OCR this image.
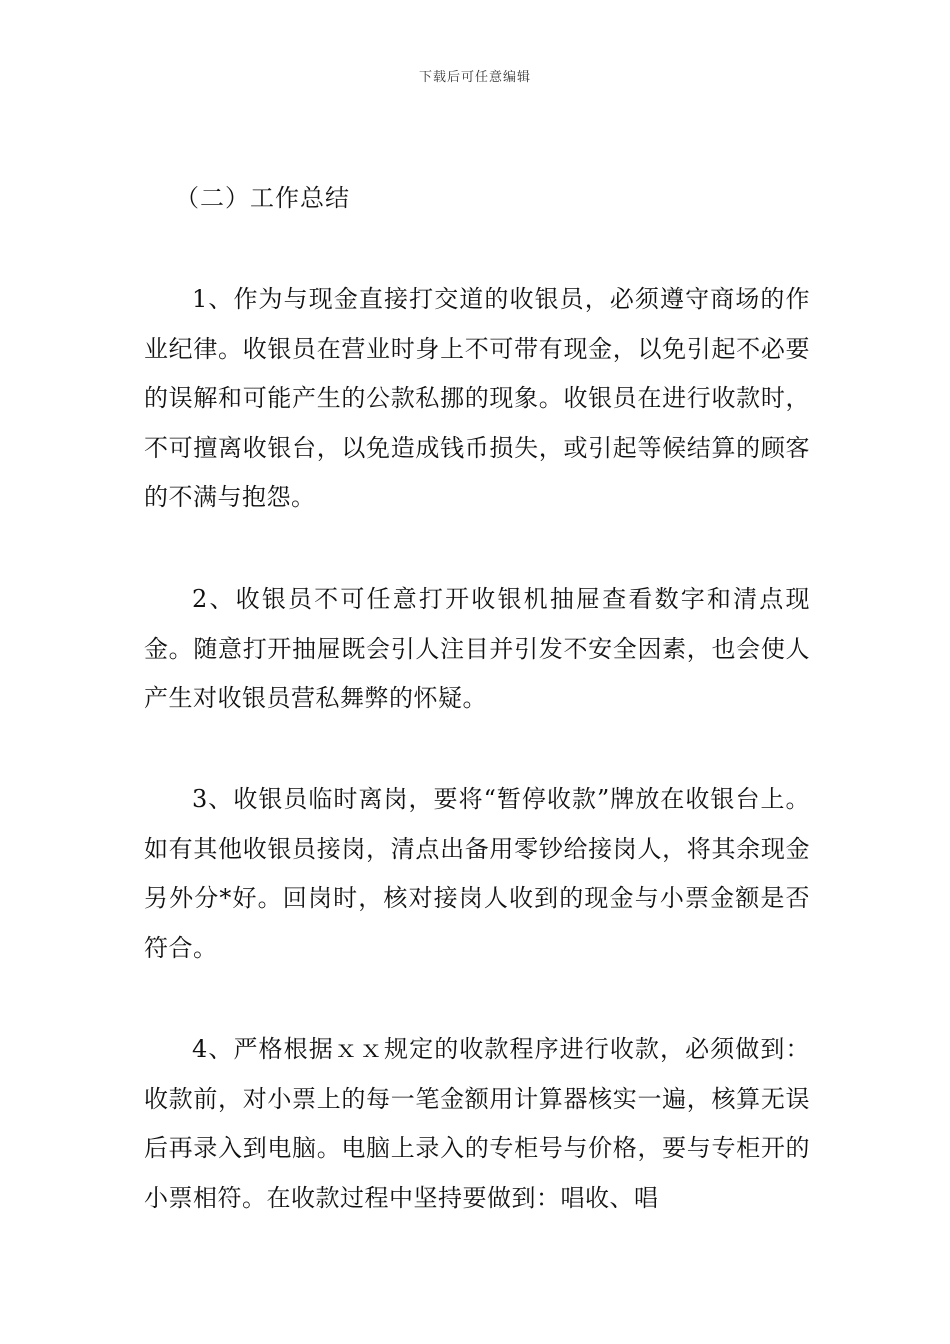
下载后可任意编辑
（二）工作总结

1、作为与现金直接打交道的收银员，必须遵守商场的作业纪律。收银员在营业时身上不可带有现金，以免引起不必要的误解和可能产生的公款私挪的现象。收银员在进行收款时，不可擅离收银台，以免造成钱币损失，或引起等候结算的顾客的不满与抱怨。

2、收银员不可任意打开收银机抽屉查看数字和清点现金。随意打开抽屉既会引人注目并引发不安全因素，也会使人产生对收银员营私舞弊的怀疑。

3、收银员临时离岗，要将“暂停收款”牌放在收银台上。如有其他收银员接岗，清点出备用零钞给接岗人，将其余现金另外分*好。回岗时，核对接岗人收到的现金与小票金额是否符合。

4、严格根据ｘｘ规定的收款程序进行收款，必须做到：收款前，对小票上的每一笔金额用计算器核实一遍，核算无误后再录入到电脑。电脑上录入的专柜号与价格，要与专柜开的小票相符。在收款过程中坚持要做到：唱收、唱
